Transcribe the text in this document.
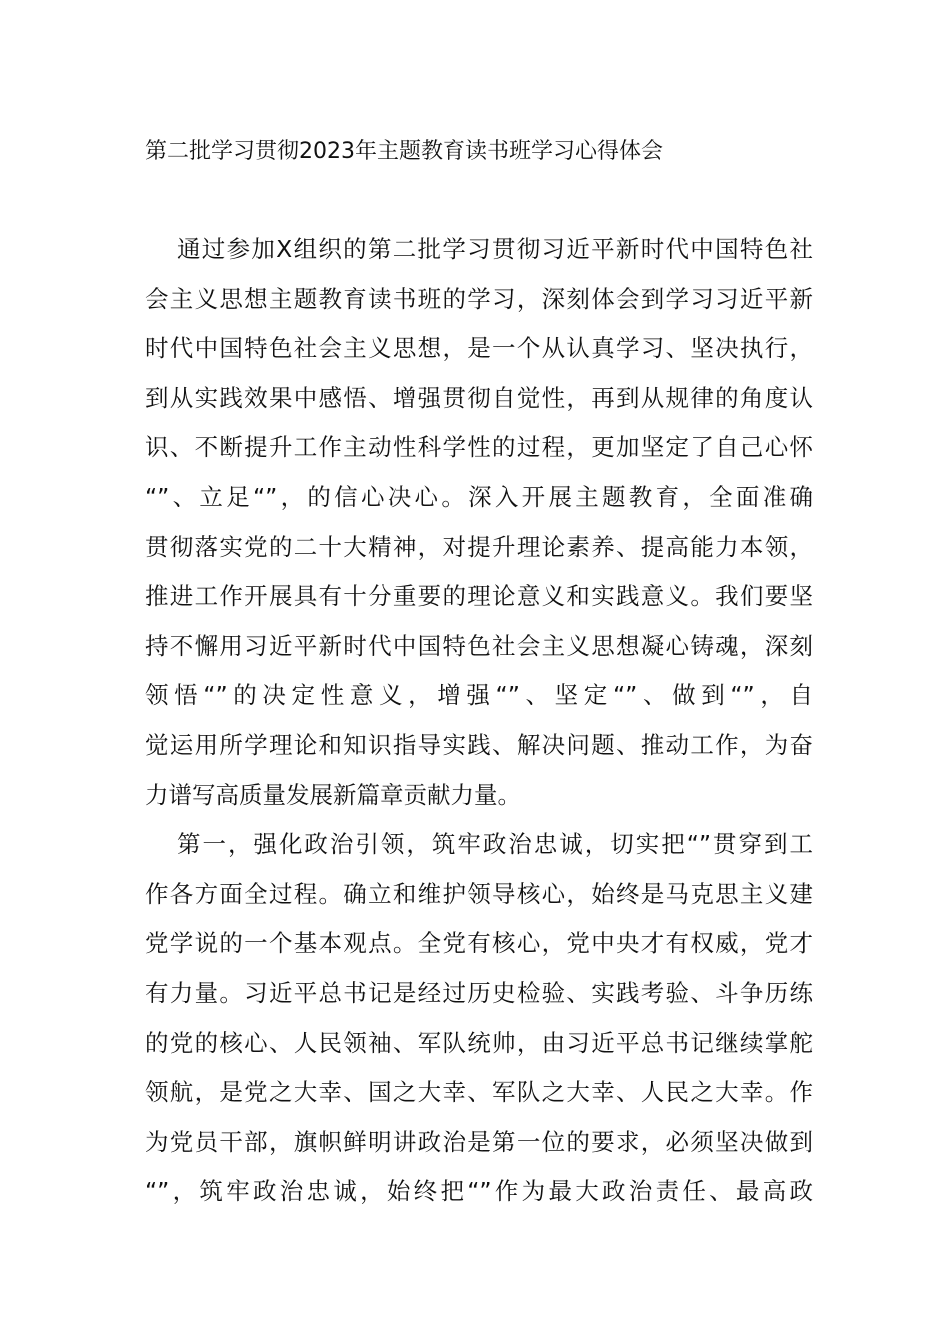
第二批学习贯彻2023年主题教育读书班学习心得体会
通过参加X组织的第二批学习贯彻习近平新时代中国特色社
会主义思想主题教育读书班的学习，深刻体会到学习习近平新
时代中国特色社会主义思想，是一个从认真学习、坚决执行，
到从实践效果中感悟、增强贯彻自觉性，再到从规律的角度认
识、不断提升工作主动性科学性的过程，更加坚定了自己心怀
“”、立足“”，的信心决心。深入开展主题教育，全面准确
贯彻落实党的二十大精神，对提升理论素养、提高能力本领，
推进工作开展具有十分重要的理论意义和实践意义。我们要坚
持不懈用习近平新时代中国特色社会主义思想凝心铸魂，深刻
领悟“”的决定性意义，增强“”、坚定“”、做到“”，自
觉运用所学理论和知识指导实践、解决问题、推动工作，为奋
力谱写高质量发展新篇章贡献力量。
第一，强化政治引领，筑牢政治忠诚，切实把“”贯穿到工
作各方面全过程。确立和维护领导核心，始终是马克思主义建
党学说的一个基本观点。全党有核心，党中央才有权威，党才
有力量。习近平总书记是经过历史检验、实践考验、斗争历练
的党的核心、人民领袖、军队统帅，由习近平总书记继续掌舵
领航，是党之大幸、国之大幸、军队之大幸、人民之大幸。作
为党员干部，旗帜鲜明讲政治是第一位的要求，必须坚决做到
“”，筑牢政治忠诚，始终把“”作为最大政治责任、最高政
